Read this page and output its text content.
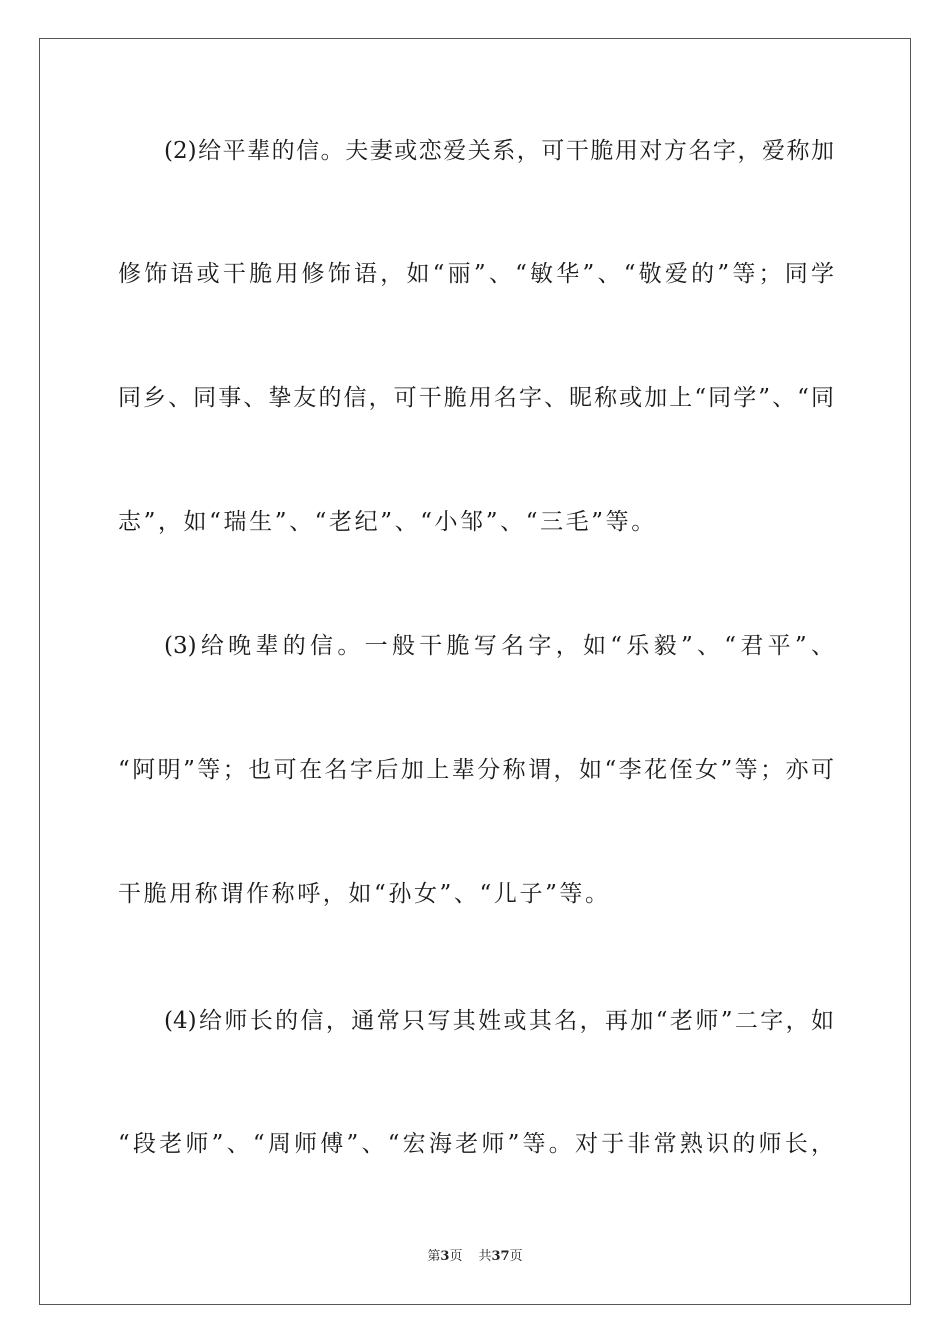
(2)给平辈的信。夫妻或恋爱关系，可干脆用对方名字，爱称加
修饰语或干脆用修饰语，如“丽”、“敏华”、“敬爱的”等；同学
同乡、同事、挚友的信，可干脆用名字、昵称或加上“同学”、“同
志”，如“瑞生”、“老纪”、“小邹”、“三毛”等。
(3)给晚辈的信。一般干脆写名字，如“乐毅”、“君平”、
“阿明”等；也可在名字后加上辈分称谓，如“李花侄女”等；亦可
干脆用称谓作称呼，如“孙女”、“儿子”等。
(4)给师长的信，通常只写其姓或其名，再加“老师”二字，如
“段老师”、“周师傅”、“宏海老师”等。对于非常熟识的师长，
第3页 共37页
